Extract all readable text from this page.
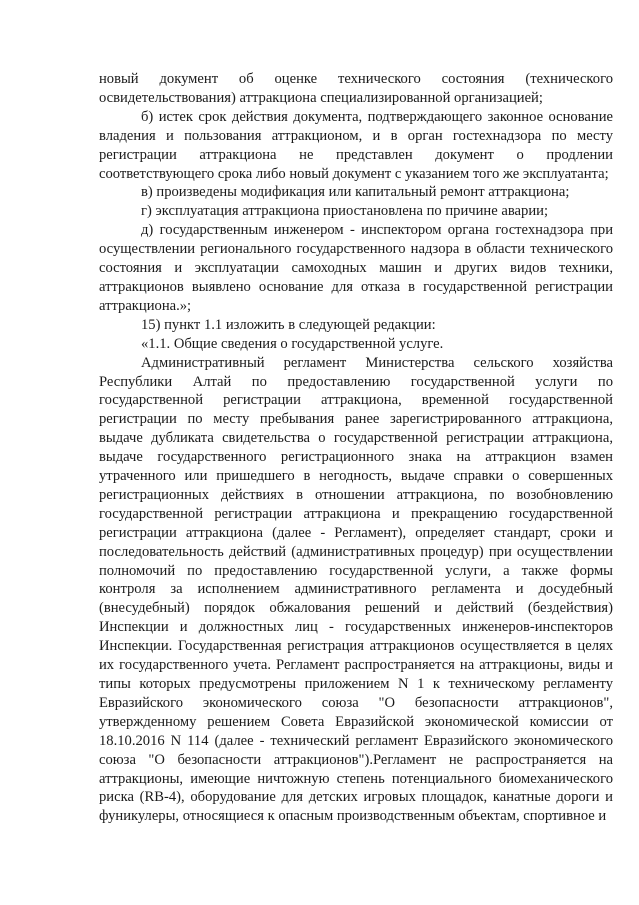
новый документ об оценке технического состояния (технического освидетельствования) аттракциона специализированной организацией;

б) истек срок действия документа, подтверждающего законное основание владения и пользования аттракционом, и в орган гостехнадзора по месту регистрации аттракциона не представлен документ о продлении соответствующего срока либо новый документ с указанием того же эксплуатанта;

в) произведены модификация или капитальный ремонт аттракциона;

г) эксплуатация аттракциона приостановлена по причине аварии;

д) государственным инженером - инспектором органа гостехнадзора при осуществлении регионального государственного надзора в области технического состояния и эксплуатации самоходных машин и других видов техники, аттракционов выявлено основание для отказа в государственной регистрации аттракциона.»;

15) пункт 1.1 изложить в следующей редакции:

«1.1. Общие сведения о государственной услуге.

Административный регламент Министерства сельского хозяйства Республики Алтай по предоставлению государственной услуги по государственной регистрации аттракциона, временной государственной регистрации по месту пребывания ранее зарегистрированного аттракциона, выдаче дубликата свидетельства о государственной регистрации аттракциона, выдаче государственного регистрационного знака на аттракцион взамен утраченного или пришедшего в негодность, выдаче справки о совершенных регистрационных действиях в отношении аттракциона, по возобновлению государственной регистрации аттракциона и прекращению государственной регистрации аттракциона (далее - Регламент), определяет стандарт, сроки и последовательность действий (административных процедур) при осуществлении полномочий по предоставлению государственной услуги, а также формы контроля за исполнением административного регламента и досудебный (внесудебный) порядок обжалования решений и действий (бездействия) Инспекции и должностных лиц - государственных инженеров-инспекторов Инспекции. Государственная регистрация аттракционов осуществляется в целях их государственного учета. Регламент распространяется на аттракционы, виды и типы которых предусмотрены приложением N 1 к техническому регламенту Евразийского экономического союза "О безопасности аттракционов", утвержденному решением Совета Евразийской экономической комиссии от 18.10.2016 N 114 (далее - технический регламент Евразийского экономического союза "О безопасности аттракционов").Регламент не распространяется на аттракционы, имеющие ничтожную степень потенциального биомеханического риска (RB-4), оборудование для детских игровых площадок, канатные дороги и фуникулеры, относящиеся к опасным производственным объектам, спортивное и
